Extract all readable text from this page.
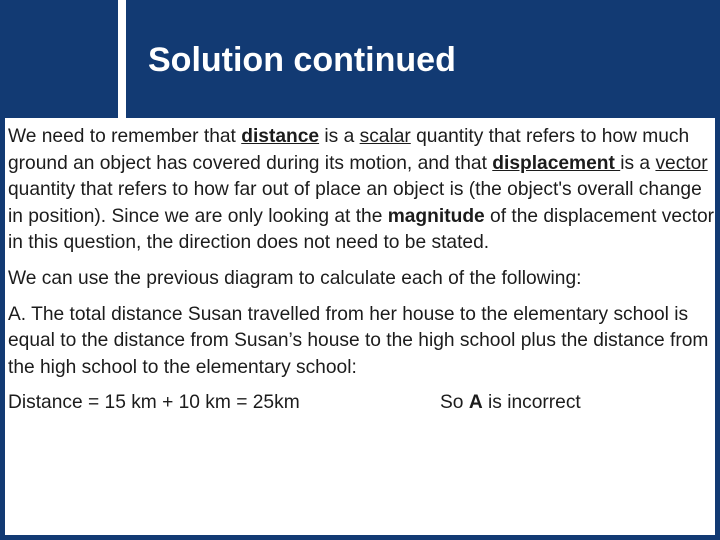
Solution continued

We need to remember that distance is a scalar quantity that refers to how much ground an object has covered during its motion, and that displacement is a vector quantity that refers to how far out of place an object is (the object's overall change in position). Since we are only looking at the magnitude of the displacement vector in this question, the direction does not need to be stated.

We can use the previous diagram to calculate each of the following:

A. The total distance Susan travelled from her house to the elementary school is equal to the distance from Susan’s house to the high school plus the distance from the high school to the elementary school:

Distance = 15 km + 10 km = 25km	So A is incorrect
